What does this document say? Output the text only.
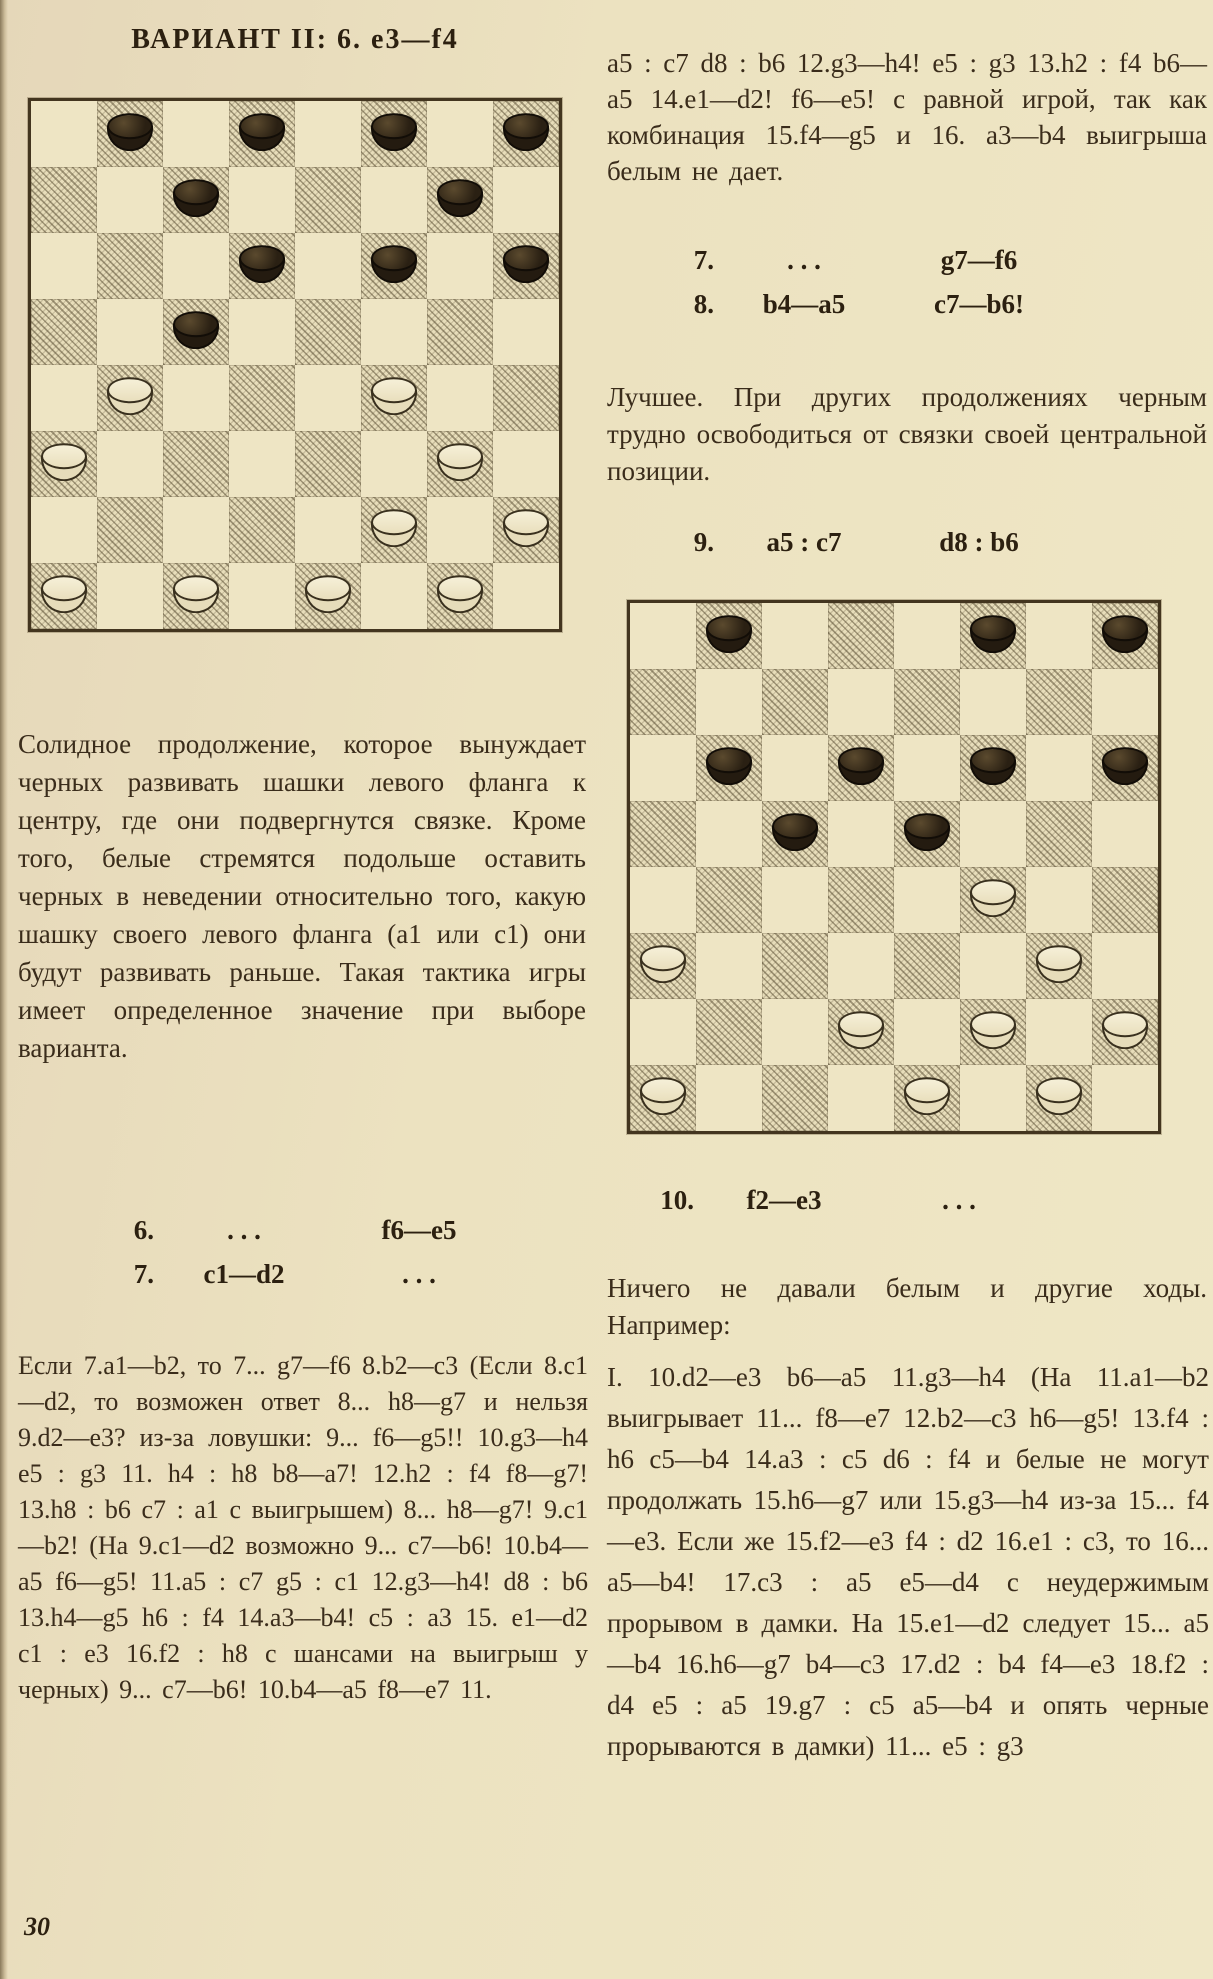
ВАРИАНТ II: 6. e3—f4

Солидное продолжение, которое вынуждает черных развивать шашки левого фланга к центру, где они подвергнутся связке. Кроме того, белые стремятся подольше оставить черных в неведении относительно того, какую шашку своего левого фланга (a1 или c1) они будут развивать раньше. Такая тактика игры имеет определенное значение при выборе варианта.

6.	. . .	f6—e5
7.	c1—d2	. . .

Если 7.a1—b2, то 7... g7—f6 8.b2—c3 (Если 8.c1—d2, то возможен ответ 8... h8—g7 и нельзя 9.d2—e3? из-за ловушки: 9... f6—g5!! 10.g3—h4 e5 : g3 11. h4 : h8 b8—a7! 12.h2 : f4 f8—g7! 13.h8 : b6 c7 : a1 с выигрышем) 8... h8—g7! 9.c1—b2! (На 9.c1—d2 возможно 9... c7—b6! 10.b4—a5 f6—g5! 11.a5 : c7 g5 : c1 12.g3—h4! d8 : b6 13.h4—g5 h6 : f4 14.a3—b4! c5 : a3 15. e1—d2 c1 : e3 16.f2 : h8 с шансами на выигрыш у черных) 9... c7—b6! 10.b4—a5 f8—e7 11.

30

a5 : c7 d8 : b6 12.g3—h4! e5 : g3 13.h2 : f4 b6—a5 14.e1—d2! f6—e5! с равной игрой, так как комбинация 15.f4—g5 и 16. a3—b4 выигрыша белым не дает.

7.	. . .	g7—f6
8.	b4—a5	c7—b6!

Лучшее. При других продолжениях черным трудно освободиться от связки своей центральной позиции.

9.	a5 : c7	d8 : b6
10.	f2—e3	. . .

Ничего не давали белым и другие ходы. Например:

I. 10.d2—e3 b6—a5 11.g3—h4 (На 11.a1—b2 выигрывает 11... f8—e7 12.b2—c3 h6—g5! 13.f4 : h6 c5—b4 14.a3 : c5 d6 : f4 и белые не могут продолжать 15.h6—g7 или 15.g3—h4 из-за 15... f4—e3. Если же 15.f2—e3 f4 : d2 16.e1 : c3, то 16... a5—b4! 17.c3 : a5 e5—d4 с неудержимым прорывом в дамки. На 15.e1—d2 следует 15... a5—b4 16.h6—g7 b4—c3 17.d2 : b4 f4—e3 18.f2 : d4 e5 : a5 19.g7 : c5 a5—b4 и опять черные прорываются в дамки) 11... e5 : g3
